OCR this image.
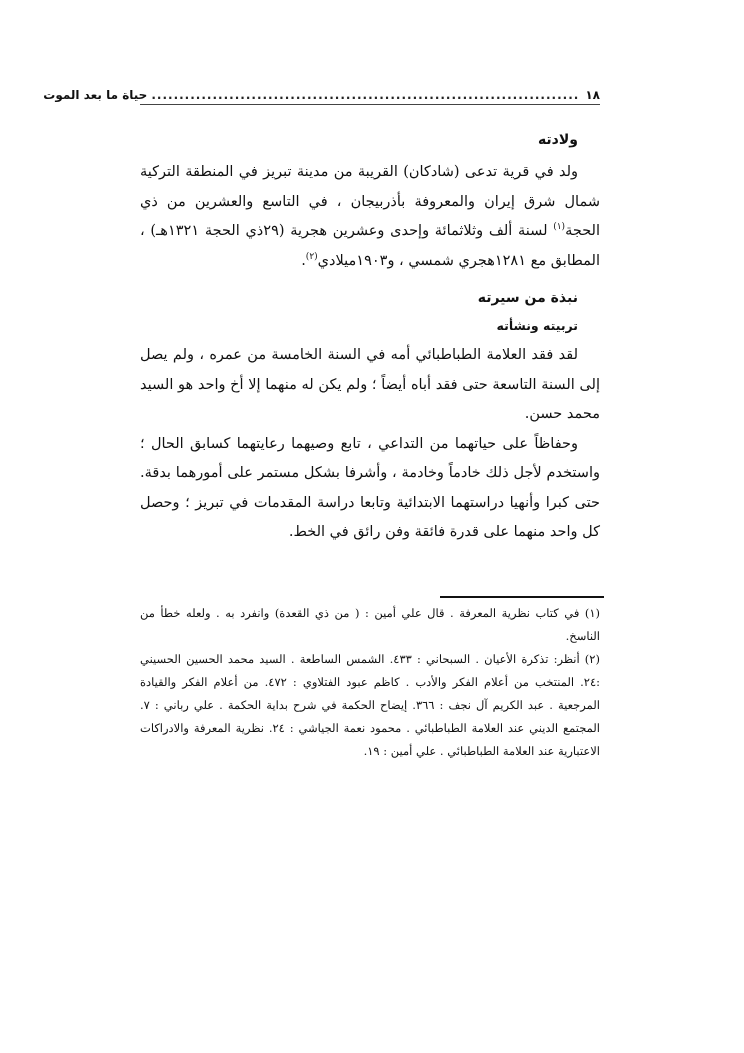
١٨
.............................................................................
حياة ما بعد الموت
ولادته

ولد في قرية تدعى (شادكان) القريبة من مدينة تبريز في المنطقة التركية شمال شرق إيران والمعروفة بأذربيجان ، في التاسع والعشرين من ذي الحجة$^{(١)}$ لسنة ألف وثلاثمائة وإحدى وعشرين هجرية (٢٩ذي الحجة ١٣٢١هـ) ، المطابق مع ١٢٨١هجري شمسي ، و١٩٠٣ميلادي$^{(٢)}$.

نبذة من سيرته
تربيته ونشأته

لقد فقد العلامة الطباطبائي أمه في السنة الخامسة من عمره ، ولم يصل إلى السنة التاسعة حتى فقد أباه أيضاً ؛ ولم يكن له منهما إلا أخ واحد هو السيد محمد حسن.

وحفاظاً على حياتهما من التداعي ، تابع وصيهما رعايتهما كسابق الحال ؛ واستخدم لأجل ذلك خادماً وخادمة ، وأشرفا بشكل مستمر على أمورهما بدقة. حتى كبرا وأنهيا دراستهما الابتدائية وتابعا دراسة المقدمات في تبريز ؛ وحصل كل واحد منهما على قدرة فائقة وفن رائق في الخط.

(١) في كتاب نظرية المعرفة . قال علي أمين : ( من ذي القعدة) وانفرد به . ولعله خطأ من الناسخ.

(٢) أنظر: تذكرة الأعيان . السبحاني : ٤٣٣. الشمس الساطعة . السيد محمد الحسين الحسيني :٢٤. المنتخب من أعلام الفكر والأدب . كاظم عبود الفتلاوي : ٤٧٢. من أعلام الفكر والقيادة المرجعية . عبد الكريم آل نجف : ٣٦٦. إيضاح الحكمة في شرح بداية الحكمة . علي رباني : ٧. المجتمع الديني عند العلامة الطباطبائي . محمود نعمة الجياشي : ٢٤. نظرية المعرفة والادراكات الاعتبارية عند العلامة الطباطبائي . علي أمين : ١٩.
